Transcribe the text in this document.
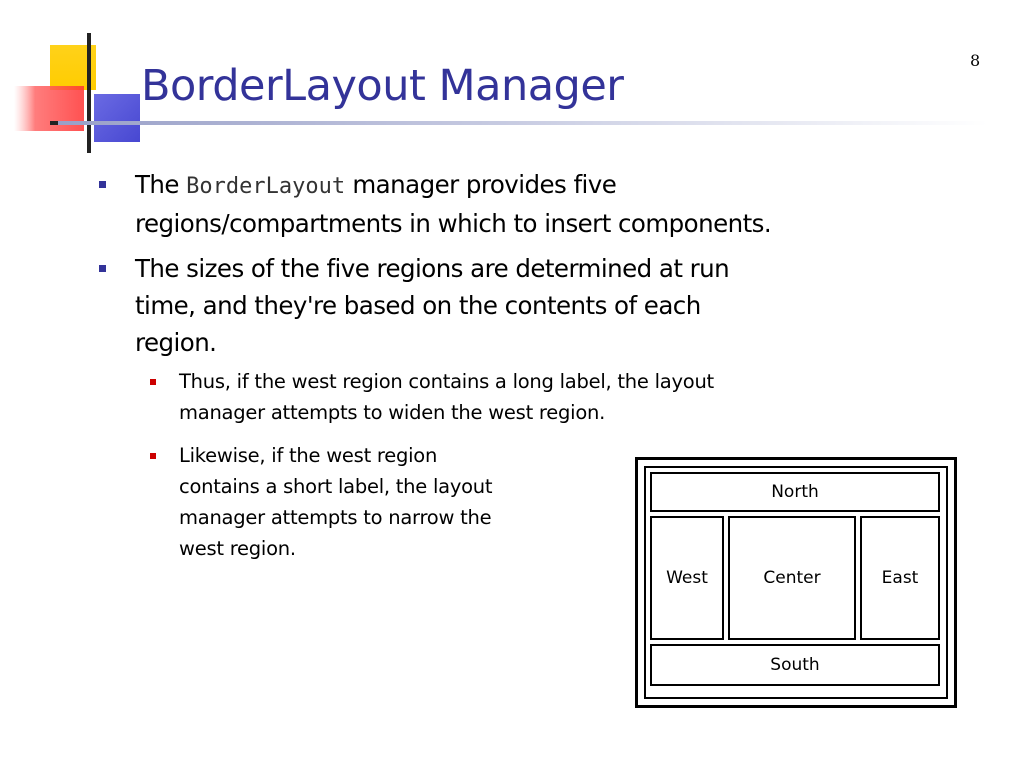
BorderLayout Manager
8
The BorderLayout manager provides five
regions/compartments in which to insert components.
The sizes of the five regions are determined at run
time, and they're based on the contents of each
region.
Thus, if the west region contains a long label, the layout
manager attempts to widen the west region.
Likewise, if the west region
contains a short label, the layout
manager attempts to narrow the
west region.
North
West	Center	East
South
